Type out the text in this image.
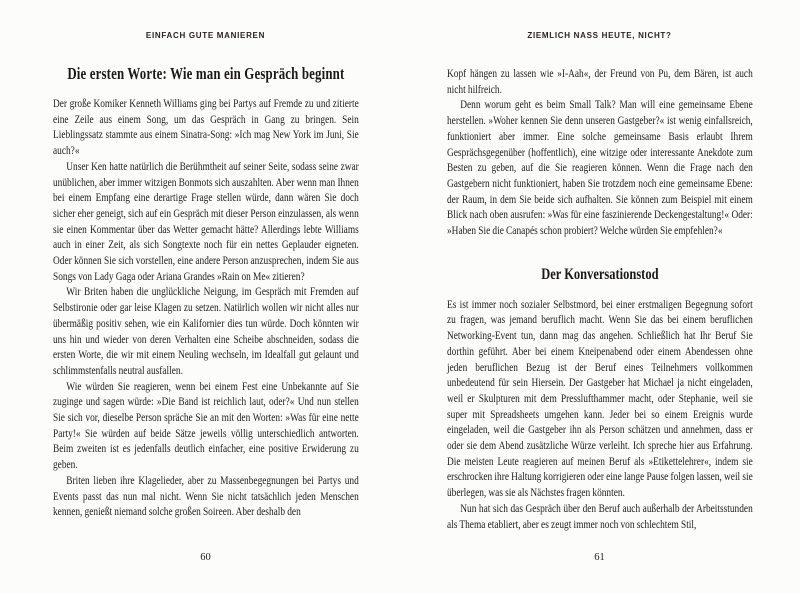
EINFACH GUTE MANIEREN
Die ersten Worte: Wie man ein Gespräch beginnt

Der große Komiker Kenneth Williams ging bei Partys auf Fremde zu und zitierte eine Zeile aus einem Song, um das Gespräch in Gang zu bringen. Sein Lieblingssatz stammte aus einem Sinatra-Song: »Ich mag New York im Juni, Sie auch?«

Unser Ken hatte natürlich die Berühmtheit auf seiner Seite, sodass seine zwar unüblichen, aber immer witzigen Bonmots sich auszahlten. Aber wenn man Ihnen bei einem Empfang eine derartige Frage stellen würde, dann wären Sie doch sicher eher geneigt, sich auf ein Gespräch mit dieser Person einzulassen, als wenn sie einen Kommentar über das Wetter gemacht hätte? Allerdings lebte Williams auch in einer Zeit, als sich Songtexte noch für ein nettes Geplauder eigneten. Oder können Sie sich vorstellen, eine andere Person anzusprechen, indem Sie aus Songs von Lady Gaga oder Ariana Grandes »Rain on Me« zitieren?

Wir Briten haben die unglückliche Neigung, im Gespräch mit Fremden auf Selbstironie oder gar leise Klagen zu setzen. Natürlich wollen wir nicht alles nur übermäßig positiv sehen, wie ein Kalifornier dies tun würde. Doch könnten wir uns hin und wieder von deren Verhalten eine Scheibe abschneiden, sodass die ersten Worte, die wir mit einem Neuling wechseln, im Idealfall gut gelaunt und schlimmstenfalls neutral ausfallen.

Wie würden Sie reagieren, wenn bei einem Fest eine Unbekannte auf Sie zuginge und sagen würde: »Die Band ist reichlich laut, oder?« Und nun stellen Sie sich vor, dieselbe Person spräche Sie an mit den Worten: »Was für eine nette Party!« Sie würden auf beide Sätze jeweils völlig unterschiedlich antworten. Beim zweiten ist es jedenfalls deutlich einfacher, eine positive Erwiderung zu geben.

Briten lieben ihre Klagelieder, aber zu Massenbegegnungen bei Partys und Events passt das nun mal nicht. Wenn Sie nicht tatsächlich jeden Menschen kennen, genießt niemand solche großen Soireen. Aber deshalb den

60
ZIEMLICH NASS HEUTE, NICHT?

Kopf hängen zu lassen wie »I-Aah«, der Freund von Pu, dem Bären, ist auch nicht hilfreich.

Denn worum geht es beim Small Talk? Man will eine gemeinsame Ebene herstellen. »Woher kennen Sie denn unseren Gastgeber?« ist wenig einfallsreich, funktioniert aber immer. Eine solche gemeinsame Basis erlaubt Ihrem Gesprächsgegenüber (hoffentlich), eine witzige oder interessante Anekdote zum Besten zu geben, auf die Sie reagieren können. Wenn die Frage nach den Gastgebern nicht funktioniert, haben Sie trotzdem noch eine gemeinsame Ebene: der Raum, in dem Sie beide sich aufhalten. Sie können zum Beispiel mit einem Blick nach oben ausrufen: »Was für eine faszinierende Deckengestaltung!« Oder: »Haben Sie die Canapés schon probiert? Welche würden Sie empfehlen?«

Der Konversationstod

Es ist immer noch sozialer Selbstmord, bei einer erstmaligen Begegnung sofort zu fragen, was jemand beruflich macht. Wenn Sie das bei einem beruflichen Networking-Event tun, dann mag das angehen. Schließlich hat Ihr Beruf Sie dorthin geführt. Aber bei einem Kneipenabend oder einem Abendessen ohne jeden beruflichen Bezug ist der Beruf eines Teilnehmers vollkommen unbedeutend für sein Hiersein. Der Gastgeber hat Michael ja nicht eingeladen, weil er Skulpturen mit dem Presslufthammer macht, oder Stephanie, weil sie super mit Spreadsheets umgehen kann. Jeder bei so einem Ereignis wurde eingeladen, weil die Gastgeber ihn als Person schätzen und annehmen, dass er oder sie dem Abend zusätzliche Würze verleiht. Ich spreche hier aus Erfahrung. Die meisten Leute reagieren auf meinen Beruf als »Etikettelehrer«, indem sie erschrocken ihre Haltung korrigieren oder eine lange Pause folgen lassen, weil sie überlegen, was sie als Nächstes fragen könnten.

Nun hat sich das Gespräch über den Beruf auch außerhalb der Arbeitsstunden als Thema etabliert, aber es zeugt immer noch von schlechtem Stil,

61
